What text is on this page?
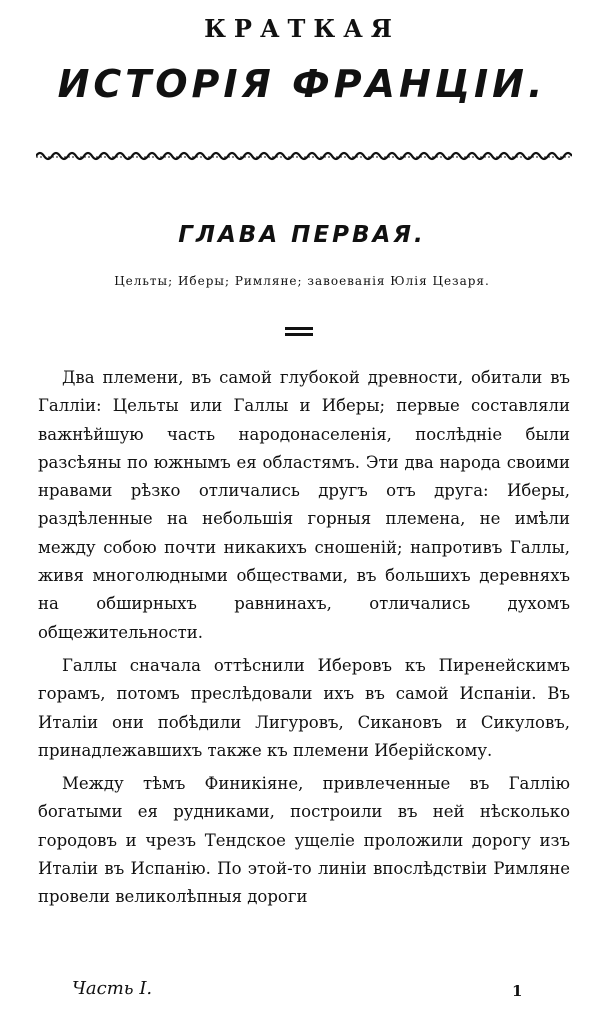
КРАТКАЯ
ИСТОРІЯ ФРАНЦІИ.
ГЛАВА ПЕРВАЯ.
Цельты; Иберы; Римляне; завоеванія Юлія Цезаря.

Два племени, въ самой глубокой древности, обитали въ Галліи: Цельты или Галлы и Иберы; первые составляли важнѣйшую часть народонаселенія, послѣдніе были разсѣяны по южнымъ ея областямъ. Эти два народа своими нравами рѣзко отличались другъ отъ друга: Иберы, раздѣленные на небольшія горныя племена, не имѣли между собою почти никакихъ сношеній; напротивъ Галлы, живя многолюдными обществами, въ большихъ деревняхъ на обширныхъ равнинахъ, отличались духомъ общежительности.

Галлы сначала оттѣснили Иберовъ къ Пиренейскимъ горамъ, потомъ преслѣдовали ихъ въ самой Испаніи. Въ Италіи они побѣдили Лигуровъ, Сикановъ и Сикуловъ, принадлежавшихъ также къ племени Иберійскому.

Между тѣмъ Финикіяне, привлеченные въ Галлію богатыми ея рудниками, построили въ ней нѣсколько городовъ и чрезъ Тендское ущеліе проложили дорогу изъ Италіи въ Испанію. По этой-то линіи впослѣдствіи Римляне провели великолѣпныя дороги

Часть I.	1
